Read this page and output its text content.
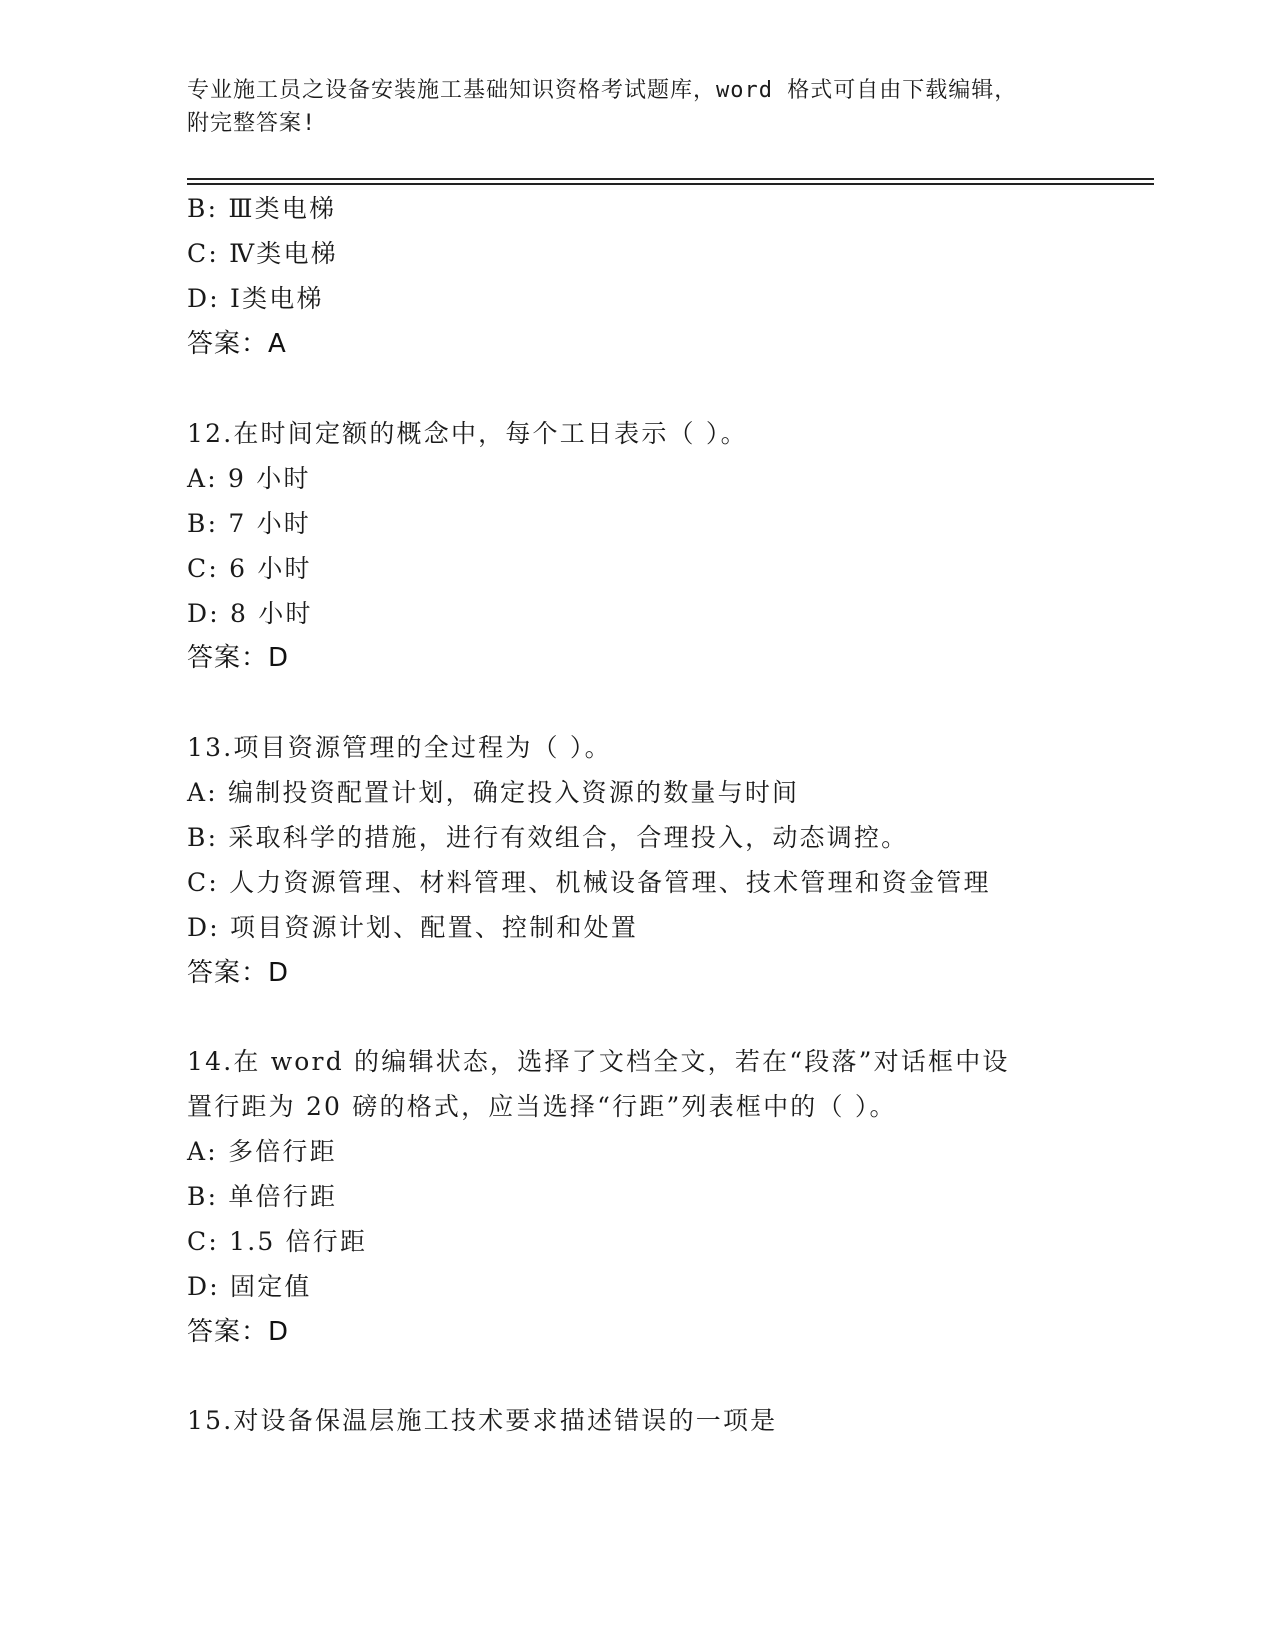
专业施工员之设备安装施工基础知识资格考试题库，word 格式可自由下载编辑，
附完整答案!
B: Ⅲ类电梯
C: Ⅳ类电梯
D: Ⅰ类电梯
答案：A
12.在时间定额的概念中，每个工日表示（ ）。
A: 9 小时
B: 7 小时
C: 6 小时
D: 8 小时
答案：D
13.项目资源管理的全过程为（ ）。
A: 编制投资配置计划，确定投入资源的数量与时间
B: 采取科学的措施，进行有效组合，合理投入，动态调控。
C: 人力资源管理、材料管理、机械设备管理、技术管理和资金管理
D: 项目资源计划、配置、控制和处置
答案：D
14.在 word 的编辑状态，选择了文档全文，若在“段落”对话框中设
置行距为 20 磅的格式，应当选择“行距”列表框中的（ ）。
A: 多倍行距
B: 单倍行距
C: 1.5 倍行距
D: 固定值
答案：D
15.对设备保温层施工技术要求描述错误的一项是
